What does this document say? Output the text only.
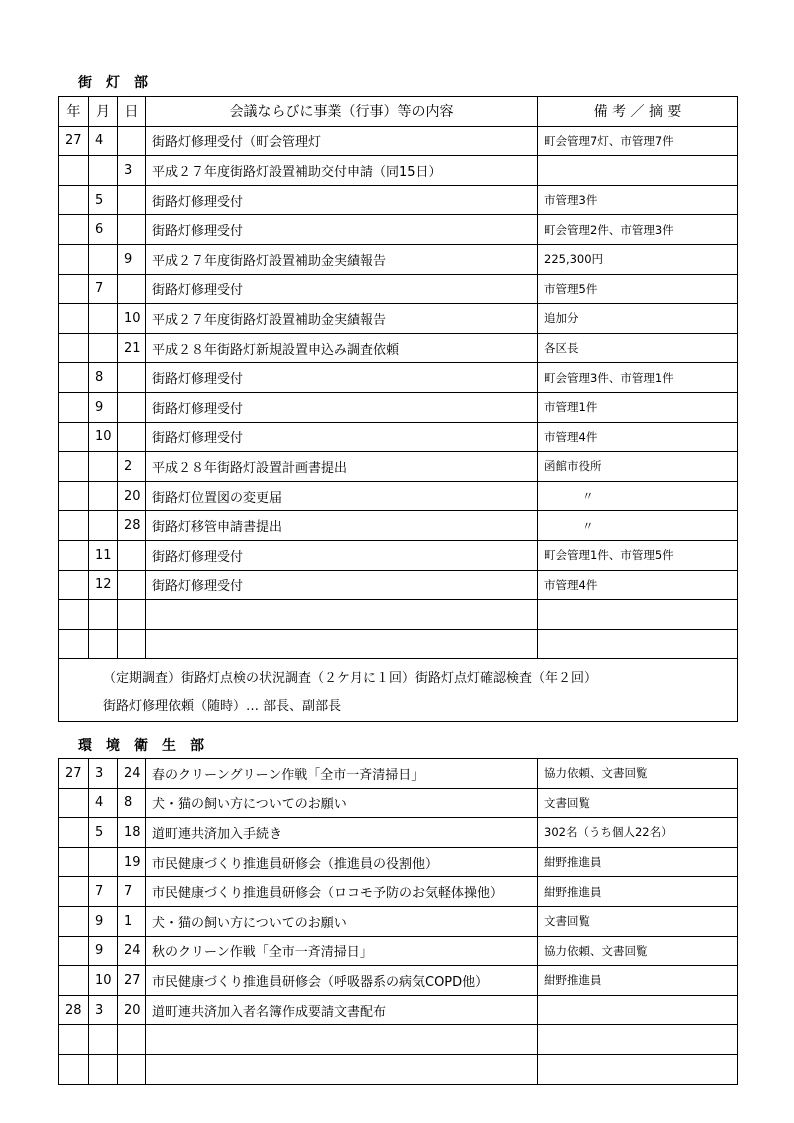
街灯部
年	月	日	会議ならびに事業（行事）等の内容	備 考 ／ 摘 要
27	4		街路灯修理受付（町会管理灯	町会管理7灯、市管理7件
		3	平成２７年度街路灯設置補助交付申請（同15日）	
	5		街路灯修理受付	市管理3件
	6		街路灯修理受付	町会管理2件、市管理3件
		9	平成２７年度街路灯設置補助金実績報告	225,300円
	7		街路灯修理受付	市管理5件
		10	平成２７年度街路灯設置補助金実績報告	追加分
		21	平成２８年街路灯新規設置申込み調査依頼	各区長
	8		街路灯修理受付	町会管理3件、市管理1件
	9		街路灯修理受付	市管理1件
	10		街路灯修理受付	市管理4件
		2	平成２８年街路灯設置計画書提出	函館市役所
		20	街路灯位置図の変更届	〃
		28	街路灯移管申請書提出	〃
	11		街路灯修理受付	町会管理1件、市管理5件
	12		街路灯修理受付	市管理4件

（定期調査）街路灯点検の状況調査（２ケ月に１回）街路灯点灯確認検査（年２回）
街路灯修理依頼（随時）… 部長、副部長				
環境衛生部
27	3	24	春のクリーングリーン作戦「全市一斉清掃日」	協力依頼、文書回覧
	4	8	犬・猫の飼い方についてのお願い	文書回覧
	5	18	道町連共済加入手続き	302名（うち個人22名）
		19	市民健康づくり推進員研修会（推進員の役割他）	紺野推進員
	7	7	市民健康づくり推進員研修会（ロコモ予防のお気軽体操他）	紺野推進員
	9	1	犬・猫の飼い方についてのお願い	文書回覧
	9	24	秋のクリーン作戦「全市一斉清掃日」	協力依頼、文書回覧
	10	27	市民健康づくり推進員研修会（呼吸器系の病気COPD他）	紺野推進員
28	3	20	道町連共済加入者名簿作成要請文書配布	
